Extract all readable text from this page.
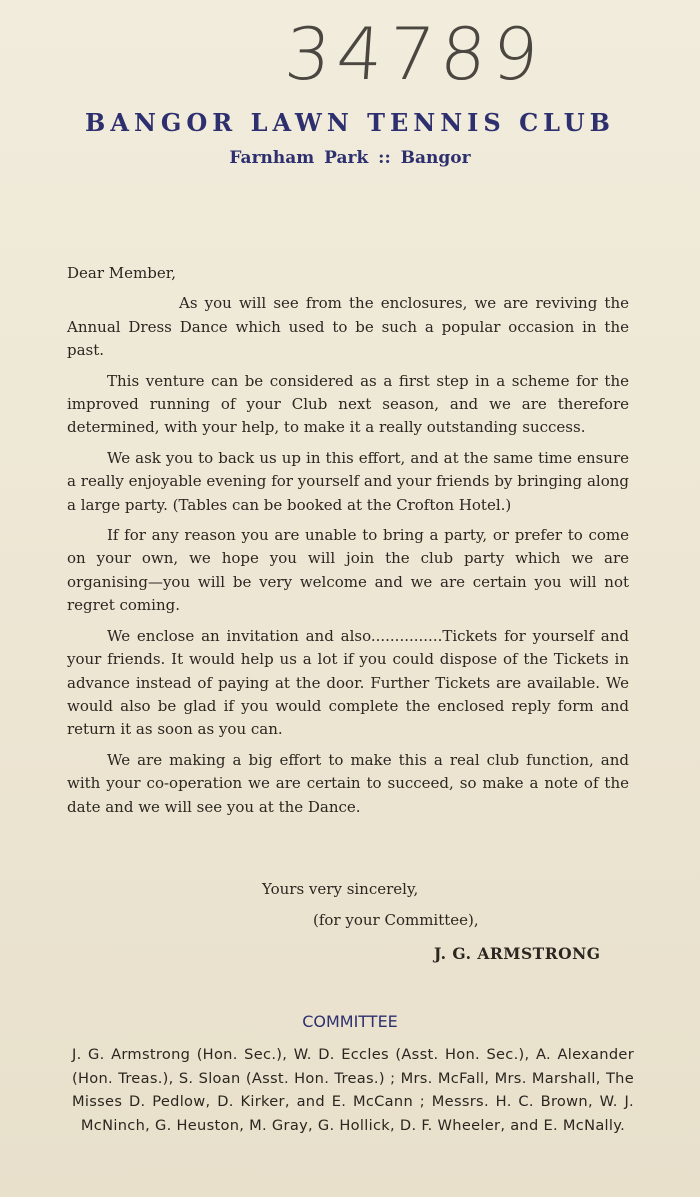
34789
BANGOR LAWN TENNIS CLUB
Farnham Park :: Bangor

Dear Member,

As you will see from the enclosures, we are reviving the Annual Dress Dance which used to be such a popular occasion in the past.

This venture can be considered as a first step in a scheme for the improved running of your Club next season, and we are therefore determined, with your help, to make it a really outstanding success.

We ask you to back us up in this effort, and at the same time ensure a really enjoyable evening for yourself and your friends by bringing along a large party. (Tables can be booked at the Crofton Hotel.)

If for any reason you are unable to bring a party, or prefer to come on your own, we hope you will join the club party which we are organising—you will be very welcome and we are certain you will not regret coming.

We enclose an invitation and also...............Tickets for yourself and your friends. It would help us a lot if you could dispose of the Tickets in advance instead of paying at the door. Further Tickets are available. We would also be glad if you would complete the enclosed reply form and return it as soon as you can.

We are making a big effort to make this a real club function, and with your co-operation we are certain to succeed, so make a note of the date and we will see you at the Dance.

Yours very sincerely,
(for your Committee),
J. G. ARMSTRONG
COMMITTEE
J. G. Armstrong (Hon. Sec.), W. D. Eccles (Asst. Hon. Sec.), A. Alexander (Hon. Treas.), S. Sloan (Asst. Hon. Treas.) ; Mrs. McFall, Mrs. Marshall, The Misses D. Pedlow, D. Kirker, and E. McCann ; Messrs. H. C. Brown, W. J. McNinch, G. Heuston, M. Gray, G. Hollick, D. F. Wheeler, and E. McNally.
